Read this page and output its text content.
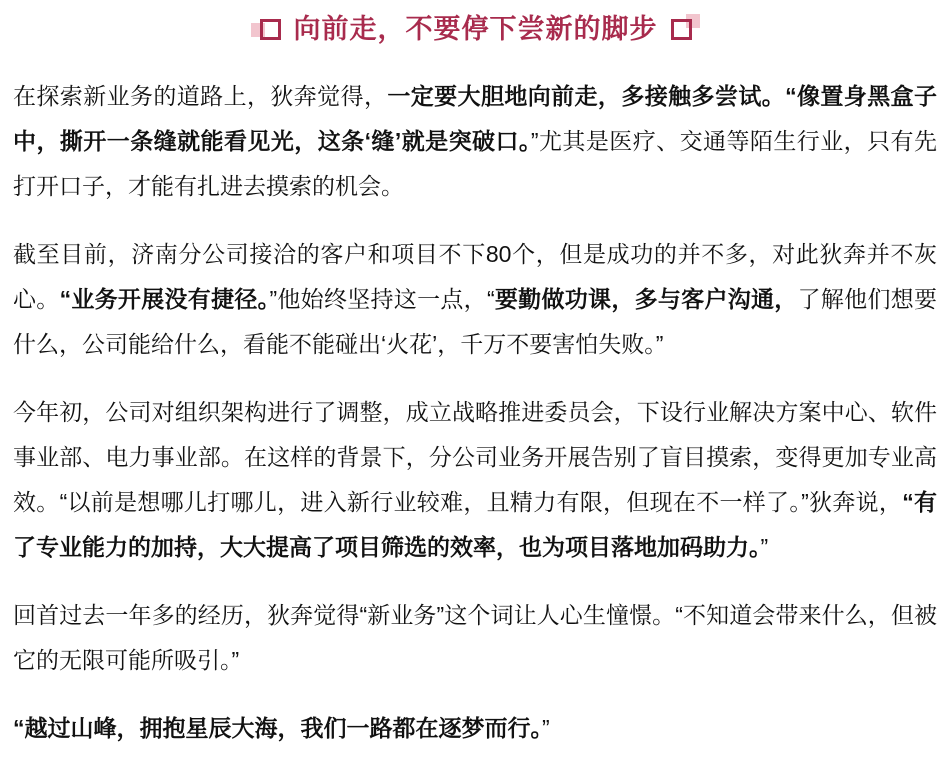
向前走，不要停下尝新的脚步

在探索新业务的道路上，狄奔觉得，一定要大胆地向前走，多接触多尝试。“像置身黑盒子中，撕开一条缝就能看见光，这条‘缝’就是突破口。”尤其是医疗、交通等陌生行业，只有先打开口子，才能有扎进去摸索的机会。

截至目前，济南分公司接洽的客户和项目不下80个，但是成功的并不多，对此狄奔并不灰心。“业务开展没有捷径。”他始终坚持这一点，“要勤做功课，多与客户沟通，了解他们想要什么，公司能给什么，看能不能碰出‘火花’，千万不要害怕失败。”

今年初，公司对组织架构进行了调整，成立战略推进委员会，下设行业解决方案中心、软件事业部、电力事业部。在这样的背景下，分公司业务开展告别了盲目摸索，变得更加专业高效。“以前是想哪儿打哪儿，进入新行业较难，且精力有限，但现在不一样了。”狄奔说，“有了专业能力的加持，大大提高了项目筛选的效率，也为项目落地加码助力。”

回首过去一年多的经历，狄奔觉得“新业务”这个词让人心生憧憬。“不知道会带来什么，但被它的无限可能所吸引。”

“越过山峰，拥抱星辰大海，我们一路都在逐梦而行。”
